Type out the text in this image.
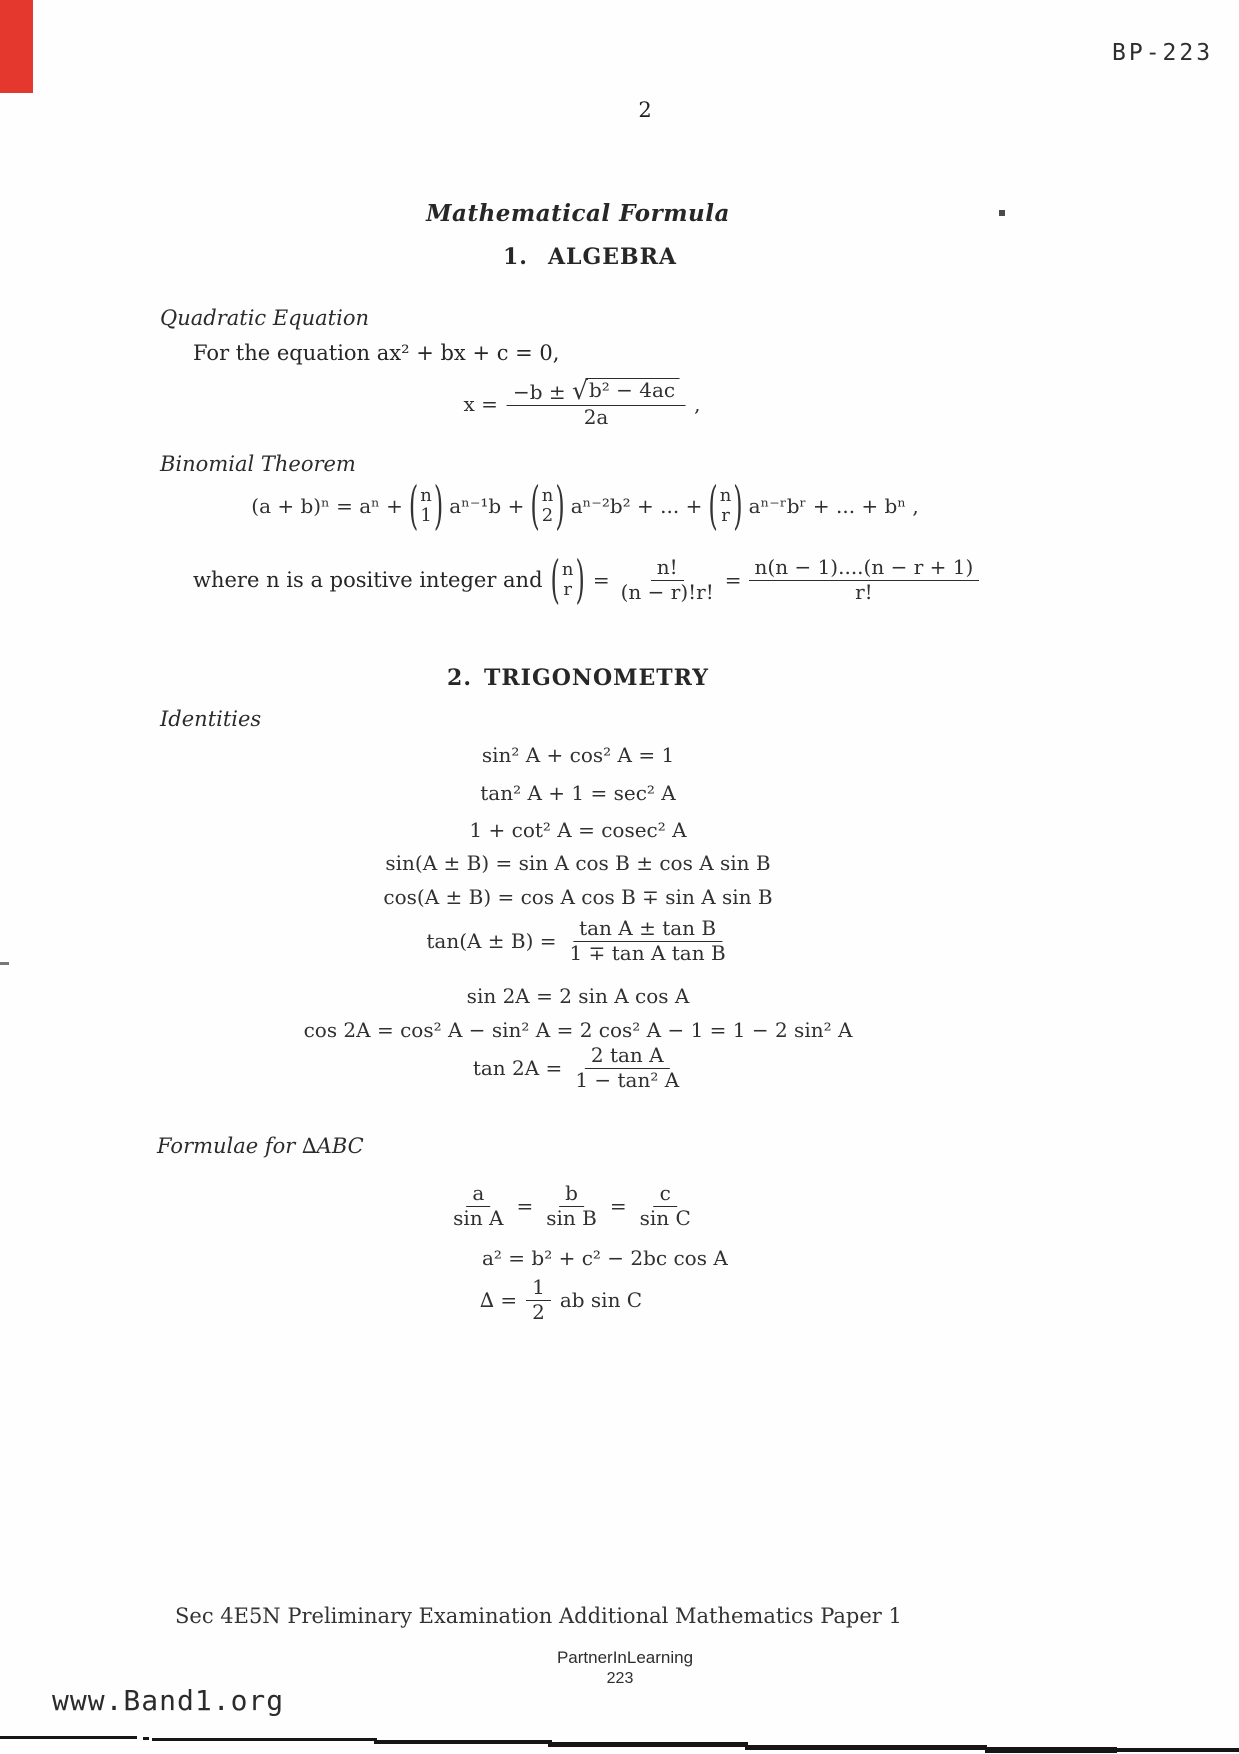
BP-223
2
Mathematical Formula
1. ALGEBRA
Quadratic Equation
For the equation ax² + bx + c = 0,
$x = \frac{\text{−b ± √ b² − 4ac}}{2a}$ ,
Binomial Theorem
(a + b)ⁿ = aⁿ + ( n
1 ) aⁿ⁻¹b + ( n
2 ) aⁿ⁻²b² + ... + ( n
r ) aⁿ⁻ʳbʳ + ... + bⁿ ,
where n is a positive integer and ( n
r ) = $\frac{n!}{(n - r)!r!} = \frac{n(n - 1)....(n - r + 1)}{r!}$
2. TRIGONOMETRY
Identities
sin² A + cos² A = 1
tan² A + 1 = sec² A
1 + cot² A = cosec² A
sin(A ± B) = sin A cos B ± cos A sin B
cos(A ± B) = cos A cos B ∓ sin A sin B
$\tan(A \pm B) = \frac{\text{tan A ± tan B}}{\text{1 ∓ tan A tan B}}$
sin 2A = 2 sin A cos A
cos 2A = cos² A − sin² A = 2 cos² A − 1 = 1 − 2 sin² A
$\tan 2A = \frac{\text{2 tan A}}{\text{1 − tan² A}}$
Formulae for ∆ABC
$\frac{a}{\text{sin A}} = \frac{b}{\text{sin B}} = \frac{c}{\text{sin C}}$
a² = b² + c² − 2bc cos A
∆ = $\frac{1}{2}$ ab sin C
Sec 4E5N Preliminary Examination Additional Mathematics Paper 1
PartnerInLearning
223
www.Band1.org
